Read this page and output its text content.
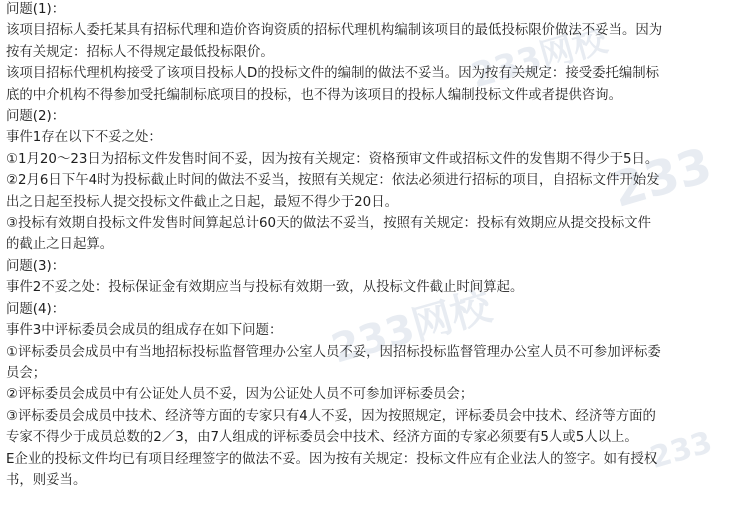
233网校
233
233网校
233

问题(1)：

该项目招标人委托某具有招标代理和造价咨询资质的招标代理机构编制该项目的最低投标限价做法不妥当。因为

按有关规定：招标人不得规定最低投标限价。

该项目招标代理机构接受了该项目投标人D的投标文件的编制的做法不妥当。因为按有关规定：接受委托编制标

底的中介机构不得参加受托编制标底项目的投标，也不得为该项目的投标人编制投标文件或者提供咨询。

问题(2)：

事件1存在以下不妥之处：

①1月20～23日为招标文件发售时间不妥，因为按有关规定：资格预审文件或招标文件的发售期不得少于5日。

②2月6日下午4时为投标截止时间的做法不妥当，按照有关规定：依法必须进行招标的项目，自招标文件开始发

出之日起至投标人提交投标文件截止之日起，最短不得少于20日。

③投标有效期自投标文件发售时间算起总计60天的做法不妥当，按照有关规定：投标有效期应从提交投标文件

的截止之日起算。

问题(3)：

事件2不妥之处：投标保证金有效期应当与投标有效期一致，从投标文件截止时间算起。

问题(4)：

事件3中评标委员会成员的组成存在如下问题：

①评标委员会成员中有当地招标投标监督管理办公室人员不妥，因招标投标监督管理办公室人员不可参加评标委

员会；

②评标委员会成员中有公证处人员不妥，因为公证处人员不可参加评标委员会；

③评标委员会成员中技术、经济等方面的专家只有4人不妥，因为按照规定，评标委员会中技术、经济等方面的

专家不得少于成员总数的2／3，由7人组成的评标委员会中技术、经济方面的专家必须要有5人或5人以上。

E企业的投标文件均已有项目经理签字的做法不妥。因为按有关规定：投标文件应有企业法人的签字。如有授权

书，则妥当。
